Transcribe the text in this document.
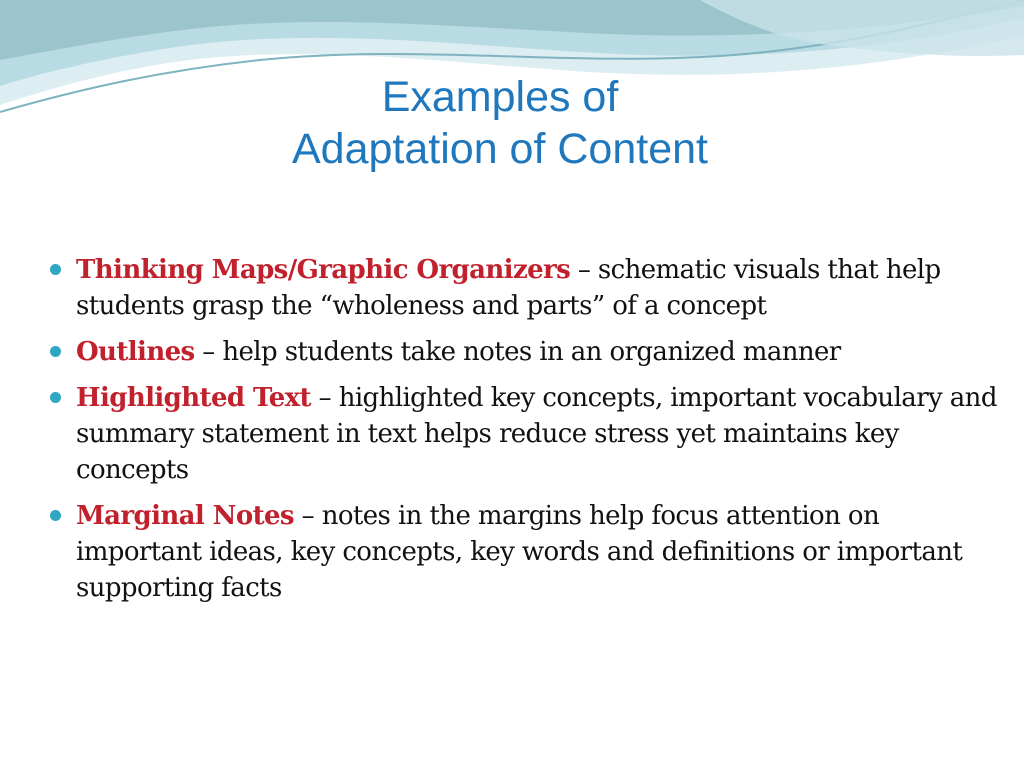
Examples of
Adaptation of Content
Thinking Maps/Graphic Organizers – schematic visuals that help students grasp the “wholeness and parts” of a concept
Outlines – help students take notes in an organized manner
Highlighted Text – highlighted key concepts, important vocabulary and summary statement in text helps reduce stress yet maintains key concepts
Marginal Notes – notes in the margins help focus attention on important ideas, key concepts, key words and definitions or important supporting facts
